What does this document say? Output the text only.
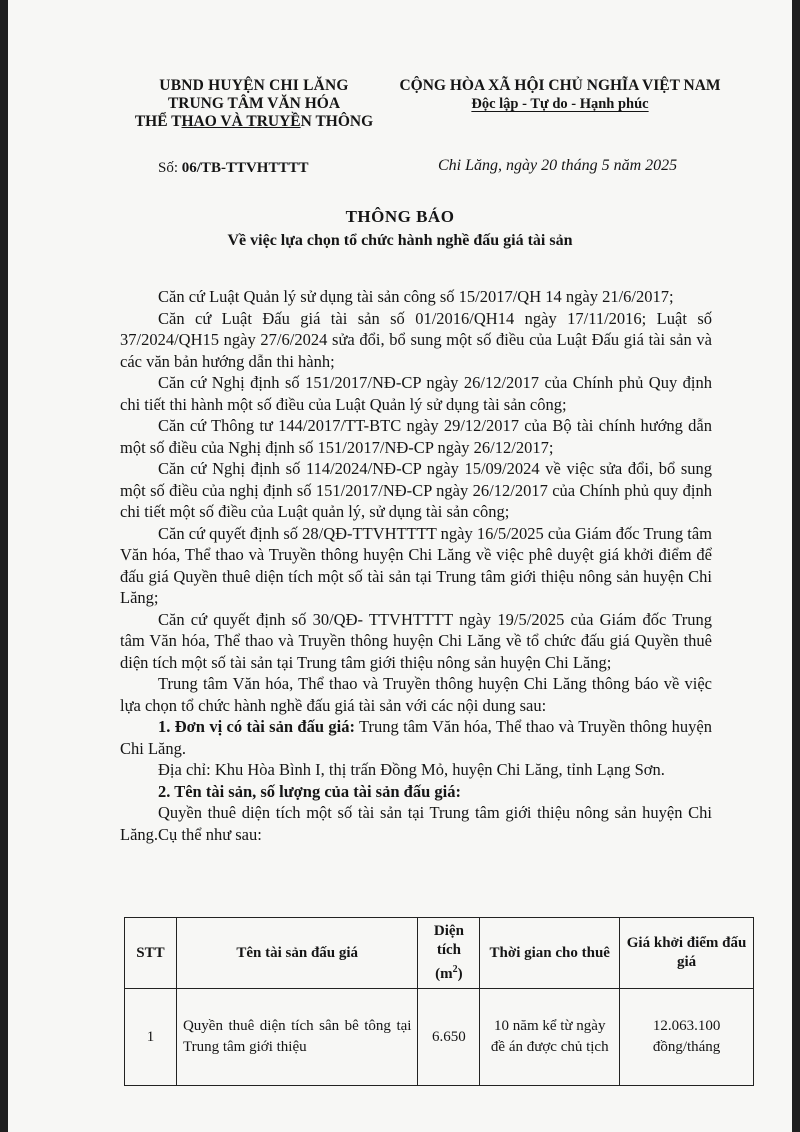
UBND HUYỆN CHI LĂNG
TRUNG TÂM VĂN HÓA
THỂ THAO VÀ TRUYỀN THÔNG
CỘNG HÒA XÃ HỘI CHỦ NGHĨA VIỆT NAM
Độc lập - Tự do - Hạnh phúc
Số: 06/TB-TTVHTTTT	Chi Lăng, ngày 20 tháng 5 năm 2025
THÔNG BÁO
Về việc lựa chọn tổ chức hành nghề đấu giá tài sản

Căn cứ Luật Quản lý sử dụng tài sản công số 15/2017/QH 14 ngày 21/6/2017;

Căn cứ Luật Đấu giá tài sản số 01/2016/QH14 ngày 17/11/2016; Luật số 37/2024/QH15 ngày 27/6/2024 sửa đổi, bổ sung một số điều của Luật Đấu giá tài sản và các văn bản hướng dẫn thi hành;

Căn cứ Nghị định số 151/2017/NĐ-CP ngày 26/12/2017 của Chính phủ Quy định chi tiết thi hành một số điều của Luật Quản lý sử dụng tài sản công;

Căn cứ Thông tư 144/2017/TT-BTC ngày 29/12/2017 của Bộ tài chính hướng dẫn một số điều của Nghị định số 151/2017/NĐ-CP ngày 26/12/2017;

Căn cứ Nghị định số 114/2024/NĐ-CP ngày 15/09/2024 về việc sửa đổi, bổ sung một số điều của nghị định số 151/2017/NĐ-CP ngày 26/12/2017 của Chính phủ quy định chi tiết một số điều của Luật quản lý, sử dụng tài sản công;

Căn cứ quyết định số 28/QĐ-TTVHTTTT ngày 16/5/2025 của Giám đốc Trung tâm Văn hóa, Thể thao và Truyền thông huyện Chi Lăng về việc phê duyệt giá khởi điểm để đấu giá Quyền thuê diện tích một số tài sản tại Trung tâm giới thiệu nông sản huyện Chi Lăng;

Căn cứ quyết định số 30/QĐ- TTVHTTTT ngày 19/5/2025 của Giám đốc Trung tâm Văn hóa, Thể thao và Truyền thông huyện Chi Lăng về tổ chức đấu giá Quyền thuê diện tích một số tài sản tại Trung tâm giới thiệu nông sản huyện Chi Lăng;

Trung tâm Văn hóa, Thể thao và Truyền thông huyện Chi Lăng thông báo về việc lựa chọn tổ chức hành nghề đấu giá tài sản với các nội dung sau:

1. Đơn vị có tài sản đấu giá: Trung tâm Văn hóa, Thể thao và Truyền thông huyện Chi Lăng.

Địa chỉ: Khu Hòa Bình I, thị trấn Đồng Mỏ, huyện Chi Lăng, tỉnh Lạng Sơn.

2. Tên tài sản, số lượng của tài sản đấu giá:

Quyền thuê diện tích một số tài sản tại Trung tâm giới thiệu nông sản huyện Chi Lăng.Cụ thể như sau:

STT	Tên tài sản đấu giá	Diện
tích
$(m^2)$	Thời gian cho thuê	Giá khởi điểm đấu giá
1	Quyền thuê diện tích sân bê tông tại Trung tâm giới thiệu	6.650	10 năm kể từ ngày đề án được chủ tịch	12.063.100
đồng/tháng
